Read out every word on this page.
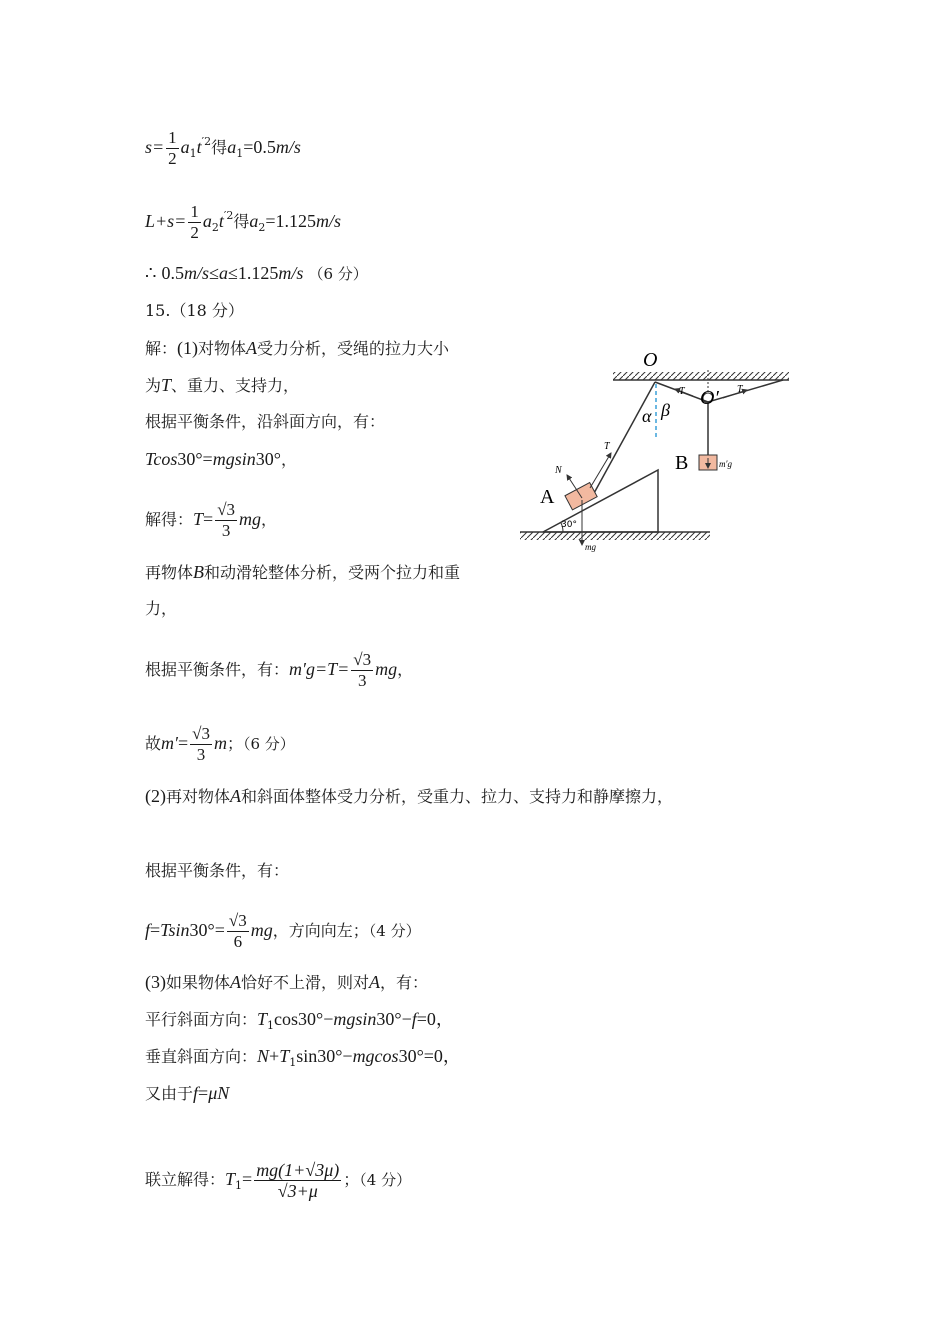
$s= \frac{1}{2} a_1t^{'2}$得$a_1=0.5m/s$
$L+s= \frac{1}{2} a_2t^{'2}$得$a_2=1.125m/s$
∴ 0.5m/s≤a≤1.125m/s （6 分）
15.（18 分）
解：(1)对物体A受力分析，受绳的拉力大小
为T、重力、支持力，
根据平衡条件，沿斜面方向，有：
Tcos30°=mgsin30°，
解得：$T= \frac{√3}{3}$ mg，
再物体B和动滑轮整体分析，受两个拉力和重
力，
根据平衡条件，有：$m'g=T= \frac{√3}{3}$ mg，
故$m'= \frac{√3}{3}$ m；（6 分）
(2)再对物体A和斜面体整体受力分析，受重力、拉力、支持力和静摩擦力，
根据平衡条件，有：
$f=Tsin30^\circ= \frac{√3}{6}$ mg，方向向左；（4 分）
(3)如果物体A恰好不上滑，则对A，有：
平行斜面方向：$T_1\cos 30^\circ-mgsin30^\circ-f=0$，
垂直斜面方向：$N+T_1\sin 30^\circ-mgcos30^\circ=0$，
又由于f=μN
联立解得：$T_1= \frac{mg(1+√3\mu)}{√3+\mu}$ ；（4 分）
O
O′
α β
T	T
T
N
A
B
30°
mg
m′g
